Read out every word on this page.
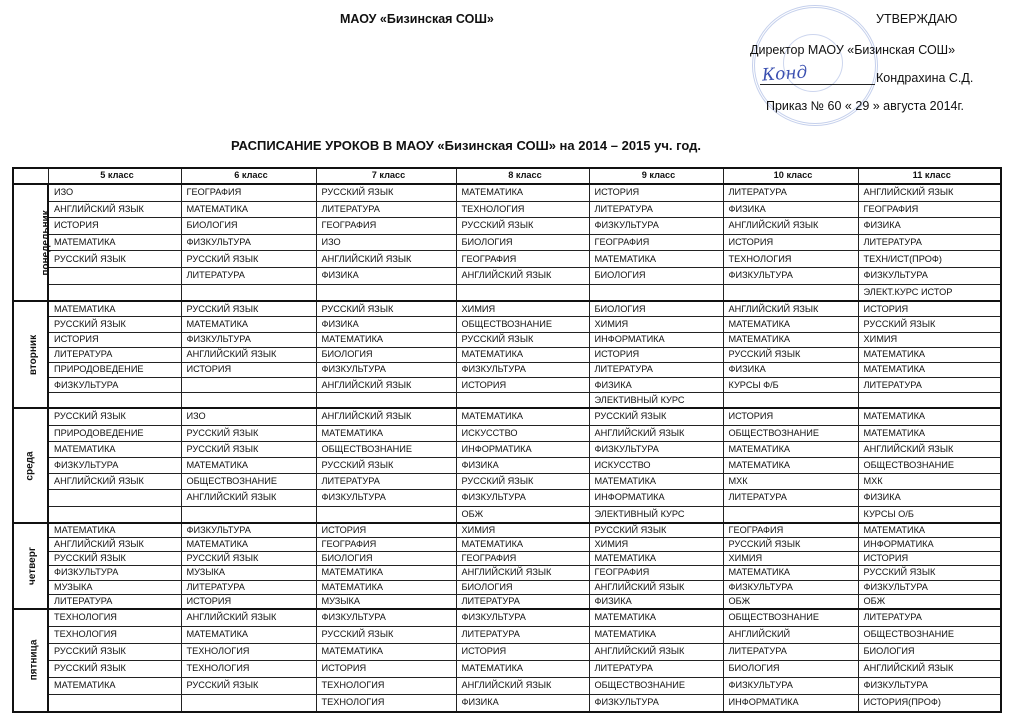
МАОУ «Бизинская СОШ»	УТВЕРЖДАЮ
Директор МАОУ «Бизинская СОШ»
Конд	Кондрахина С.Д.
Приказ № 60 « 29 » августа 2014г.
РАСПИСАНИЕ УРОКОВ В МАОУ «Бизинская СОШ» на 2014 – 2015 уч. год.
	5 класс	6 класс	7 класс	8 класс	9 класс	10 класс	11 класс
понедельник	ИЗО	ГЕОГРАФИЯ	РУССКИЙ ЯЗЫК	МАТЕМАТИКА	ИСТОРИЯ	ЛИТЕРАТУРА	АНГЛИЙСКИЙ ЯЗЫК
	АНГЛИЙСКИЙ ЯЗЫК	МАТЕМАТИКА	ЛИТЕРАТУРА	ТЕХНОЛОГИЯ	ЛИТЕРАТУРА	ФИЗИКА	ГЕОГРАФИЯ
	ИСТОРИЯ	БИОЛОГИЯ	ГЕОГРАФИЯ	РУССКИЙ ЯЗЫК	ФИЗКУЛЬТУРА	АНГЛИЙСКИЙ ЯЗЫК	ФИЗИКА
	МАТЕМАТИКА	ФИЗКУЛЬТУРА	ИЗО	БИОЛОГИЯ	ГЕОГРАФИЯ	ИСТОРИЯ	ЛИТЕРАТУРА
	РУССКИЙ ЯЗЫК	РУССКИЙ ЯЗЫК	АНГЛИЙСКИЙ ЯЗЫК	ГЕОГРАФИЯ	МАТЕМАТИКА	ТЕХНОЛОГИЯ	ТЕХН/ИСТ(ПРОФ)
		ЛИТЕРАТУРА	ФИЗИКА	АНГЛИЙСКИЙ ЯЗЫК	БИОЛОГИЯ	ФИЗКУЛЬТУРА	ФИЗКУЛЬТУРА
							ЭЛЕКТ.КУРС ИСТОР
вторник	МАТЕМАТИКА	РУССКИЙ ЯЗЫК	РУССКИЙ ЯЗЫК	ХИМИЯ	БИОЛОГИЯ	АНГЛИЙСКИЙ ЯЗЫК	ИСТОРИЯ
	РУССКИЙ ЯЗЫК	МАТЕМАТИКА	ФИЗИКА	ОБЩЕСТВОЗНАНИЕ	ХИМИЯ	МАТЕМАТИКА	РУССКИЙ ЯЗЫК
	ИСТОРИЯ	ФИЗКУЛЬТУРА	МАТЕМАТИКА	РУССКИЙ ЯЗЫК	ИНФОРМАТИКА	МАТЕМАТИКА	ХИМИЯ
	ЛИТЕРАТУРА	АНГЛИЙСКИЙ ЯЗЫК	БИОЛОГИЯ	МАТЕМАТИКА	ИСТОРИЯ	РУССКИЙ ЯЗЫК	МАТЕМАТИКА
	ПРИРОДОВЕДЕНИЕ	ИСТОРИЯ	ФИЗКУЛЬТУРА	ФИЗКУЛЬТУРА	ЛИТЕРАТУРА	ФИЗИКА	МАТЕМАТИКА
	ФИЗКУЛЬТУРА		АНГЛИЙСКИЙ ЯЗЫК	ИСТОРИЯ	ФИЗИКА	КУРСЫ Ф/Б	ЛИТЕРАТУРА
					ЭЛЕКТИВНЫЙ КУРС		
среда	РУССКИЙ ЯЗЫК	ИЗО	АНГЛИЙСКИЙ ЯЗЫК	МАТЕМАТИКА	РУССКИЙ ЯЗЫК	ИСТОРИЯ	МАТЕМАТИКА
	ПРИРОДОВЕДЕНИЕ	РУССКИЙ ЯЗЫК	МАТЕМАТИКА	ИСКУССТВО	АНГЛИЙСКИЙ ЯЗЫК	ОБЩЕСТВОЗНАНИЕ	МАТЕМАТИКА
	МАТЕМАТИКА	РУССКИЙ ЯЗЫК	ОБЩЕСТВОЗНАНИЕ	ИНФОРМАТИКА	ФИЗКУЛЬТУРА	МАТЕМАТИКА	АНГЛИЙСКИЙ ЯЗЫК
	ФИЗКУЛЬТУРА	МАТЕМАТИКА	РУССКИЙ ЯЗЫК	ФИЗИКА	ИСКУССТВО	МАТЕМАТИКА	ОБЩЕСТВОЗНАНИЕ
	АНГЛИЙСКИЙ ЯЗЫК	ОБЩЕСТВОЗНАНИЕ	ЛИТЕРАТУРА	РУССКИЙ ЯЗЫК	МАТЕМАТИКА	МХК	МХК
		АНГЛИЙСКИЙ ЯЗЫК	ФИЗКУЛЬТУРА	ФИЗКУЛЬТУРА	ИНФОРМАТИКА	ЛИТЕРАТУРА	ФИЗИКА
				ОБЖ	ЭЛЕКТИВНЫЙ КУРС		КУРСЫ О/Б
четверг	МАТЕМАТИКА	ФИЗКУЛЬТУРА	ИСТОРИЯ	ХИМИЯ	РУССКИЙ ЯЗЫК	ГЕОГРАФИЯ	МАТЕМАТИКА
	АНГЛИЙСКИЙ ЯЗЫК	МАТЕМАТИКА	ГЕОГРАФИЯ	МАТЕМАТИКА	ХИМИЯ	РУССКИЙ ЯЗЫК	ИНФОРМАТИКА
	РУССКИЙ ЯЗЫК	РУССКИЙ ЯЗЫК	БИОЛОГИЯ	ГЕОГРАФИЯ	МАТЕМАТИКА	ХИМИЯ	ИСТОРИЯ
	ФИЗКУЛЬТУРА	МУЗЫКА	МАТЕМАТИКА	АНГЛИЙСКИЙ ЯЗЫК	ГЕОГРАФИЯ	МАТЕМАТИКА	РУССКИЙ ЯЗЫК
	МУЗЫКА	ЛИТЕРАТУРА	МАТЕМАТИКА	БИОЛОГИЯ	АНГЛИЙСКИЙ ЯЗЫК	ФИЗКУЛЬТУРА	ФИЗКУЛЬТУРА
	ЛИТЕРАТУРА	ИСТОРИЯ	МУЗЫКА	ЛИТЕРАТУРА	ФИЗИКА	ОБЖ	ОБЖ
пятница	ТЕХНОЛОГИЯ	АНГЛИЙСКИЙ ЯЗЫК	ФИЗКУЛЬТУРА	ФИЗКУЛЬТУРА	МАТЕМАТИКА	ОБЩЕСТВОЗНАНИЕ	ЛИТЕРАТУРА
	ТЕХНОЛОГИЯ	МАТЕМАТИКА	РУССКИЙ ЯЗЫК	ЛИТЕРАТУРА	МАТЕМАТИКА	АНГЛИЙСКИЙ	ОБЩЕСТВОЗНАНИЕ
	РУССКИЙ ЯЗЫК	ТЕХНОЛОГИЯ	МАТЕМАТИКА	ИСТОРИЯ	АНГЛИЙСКИЙ ЯЗЫК	ЛИТЕРАТУРА	БИОЛОГИЯ
	РУССКИЙ ЯЗЫК	ТЕХНОЛОГИЯ	ИСТОРИЯ	МАТЕМАТИКА	ЛИТЕРАТУРА	БИОЛОГИЯ	АНГЛИЙСКИЙ ЯЗЫК
	МАТЕМАТИКА	РУССКИЙ ЯЗЫК	ТЕХНОЛОГИЯ	АНГЛИЙСКИЙ ЯЗЫК	ОБЩЕСТВОЗНАНИЕ	ФИЗКУЛЬТУРА	ФИЗКУЛЬТУРА
			ТЕХНОЛОГИЯ	ФИЗИКА	ФИЗКУЛЬТУРА	ИНФОРМАТИКА	ИСТОРИЯ(ПРОФ)
